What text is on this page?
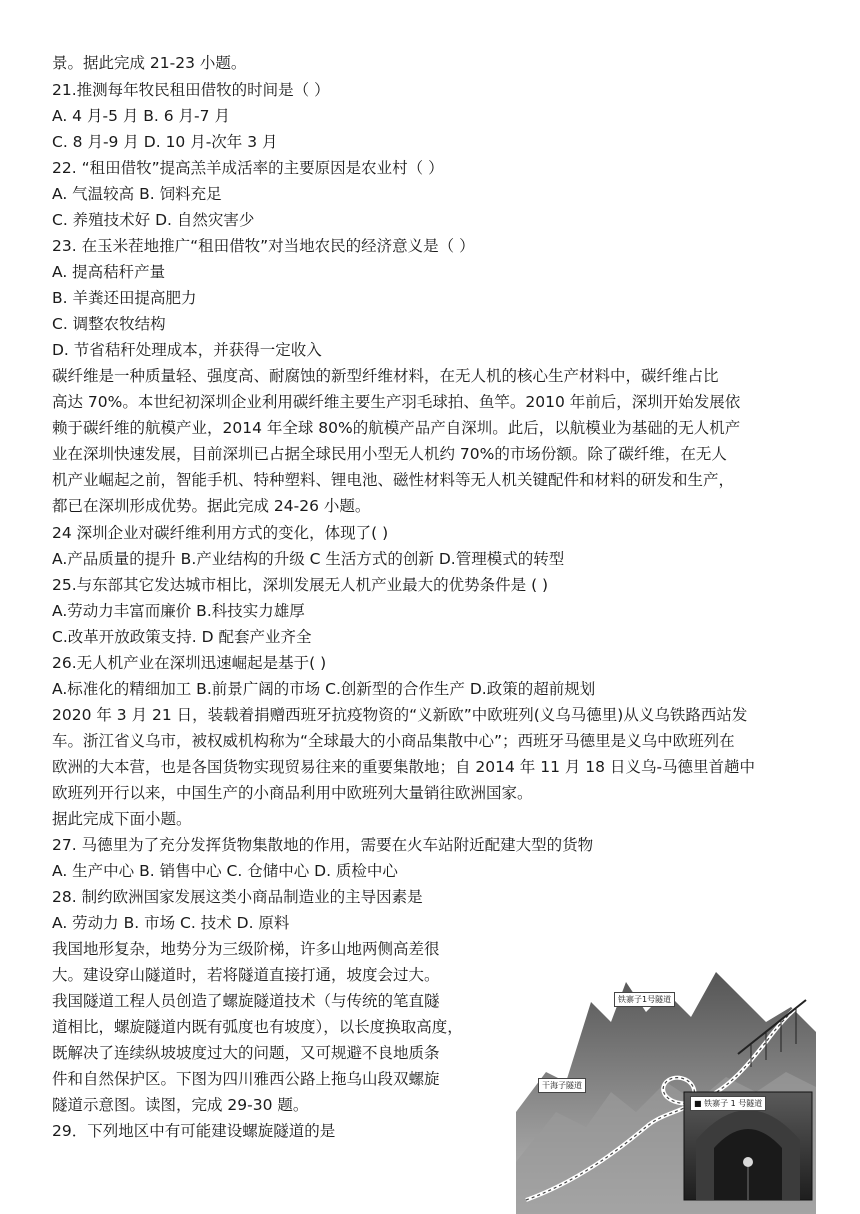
景。据此完成 21-23 小题。
21.推测每年牧民租田借牧的时间是（ ）
A. 4 月-5 月 B. 6 月-7 月
C. 8 月-9 月 D. 10 月-次年 3 月
22. “租田借牧”提高羔羊成活率的主要原因是农业村（ ）
A. 气温较高 B. 饲料充足
C. 养殖技术好 D. 自然灾害少
23. 在玉米茬地推广“租田借牧”对当地农民的经济意义是（ ）
A. 提高秸秆产量
B. 羊粪还田提高肥力
C. 调整农牧结构
D. 节省秸秆处理成本，并获得一定收入
碳纤维是一种质量轻、强度高、耐腐蚀的新型纤维材料，在无人机的核心生产材料中，碳纤维占比
高达 70%。本世纪初深圳企业利用碳纤维主要生产羽毛球拍、鱼竿。2010 年前后，深圳开始发展依
赖于碳纤维的航模产业，2014 年全球 80%的航模产品产自深圳。此后，以航模业为基础的无人机产
业在深圳快速发展，目前深圳已占据全球民用小型无人机约 70%的市场份额。除了碳纤维，在无人
机产业崛起之前，智能手机、特种塑料、锂电池、磁性材料等无人机关键配件和材料的研发和生产，
都已在深圳形成优势。据此完成 24-26 小题。
24 深圳企业对碳纤维利用方式的变化，体现了( )
A.产品质量的提升 B.产业结构的升级 C 生活方式的创新 D.管理模式的转型
25.与东部其它发达城市相比，深圳发展无人机产业最大的优势条件是 ( )
A.劳动力丰富而廉价 B.科技实力雄厚
C.改革开放政策支持. D 配套产业齐全
26.无人机产业在深圳迅速崛起是基于( )
A.标准化的精细加工 B.前景广阔的市场 C.创新型的合作生产 D.政策的超前规划
2020 年 3 月 21 日，装载着捐赠西班牙抗疫物资的“义新欧”中欧班列(义乌马德里)从义乌铁路西站发
车。浙江省义乌市，被权威机构称为“全球最大的小商品集散中心”；西班牙马德里是义乌中欧班列在
欧洲的大本营，也是各国货物实现贸易往来的重要集散地；自 2014 年 11 月 18 日义乌-马德里首趟中
欧班列开行以来，中国生产的小商品利用中欧班列大量销往欧洲国家。
据此完成下面小题。
27. 马德里为了充分发挥货物集散地的作用，需要在火车站附近配建大型的货物
A. 生产中心 B. 销售中心 C. 仓储中心 D. 质检中心
28. 制约欧洲国家发展这类小商品制造业的主导因素是
A. 劳动力 B. 市场 C. 技术 D. 原料
我国地形复杂，地势分为三级阶梯，许多山地两侧高差很
大。建设穿山隧道时，若将隧道直接打通，坡度会过大。
我国隧道工程人员创造了螺旋隧道技术（与传统的笔直隧
道相比，螺旋隧道内既有弧度也有坡度），以长度换取高度，
既解决了连续纵坡坡度过大的问题，又可规避不良地质条
件和自然保护区。下图为四川雅西公路上拖乌山段双螺旋
隧道示意图。读图，完成 29-30 题。
29．下列地区中有可能建设螺旋隧道的是
铁寨子1号隧道
干海子隧道
■ 铁寨子 1 号隧道
